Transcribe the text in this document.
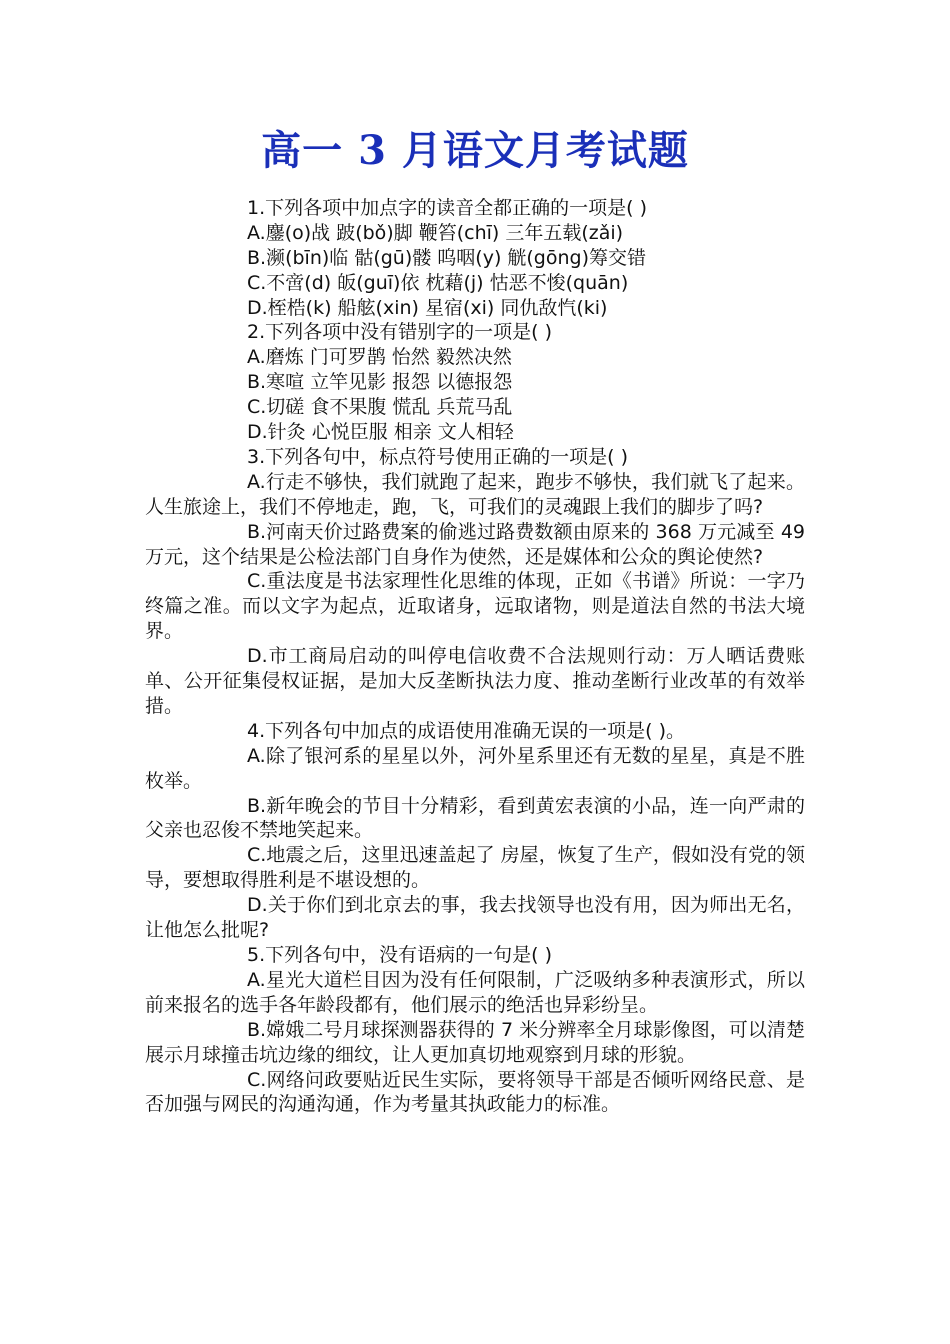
高一 3 月语文月考试题
1.下列各项中加点字的读音全都正确的一项是( )
A.鏖(o)战 跛(bǒ)脚 鞭笞(chī) 三年五载(zǎi)
B.濒(bīn)临 骷(gū)髅 呜咽(y) 觥(gōng)筹交错
C.不啻(d) 皈(guī)依 枕藉(j) 怙恶不悛(quān)
D.桎梏(k) 船舷(xin) 星宿(xi) 同仇敌忾(ki)
2.下列各项中没有错别字的一项是( )
A.磨炼 门可罗鹊 怡然 毅然决然
B.寒喧 立竿见影 报怨 以德报怨
C.切磋 食不果腹 慌乱 兵荒马乱
D.针灸 心悦臣服 相亲 文人相轻
3.下列各句中，标点符号使用正确的一项是( )

A.行走不够快，我们就跑了起来，跑步不够快，我们就飞了起来。人生旅途上，我们不停地走，跑，飞，可我们的灵魂跟上我们的脚步了吗?

B.河南天价过路费案的偷逃过路费数额由原来的 368 万元减至 49 万元，这个结果是公检法部门自身作为使然，还是媒体和公众的舆论使然?

C.重法度是书法家理性化思维的体现，正如《书谱》所说：一字乃终篇之准。而以文字为起点，近取诸身，远取诸物，则是道法自然的书法大境界。

D.市工商局启动的叫停电信收费不合法规则行动：万人晒话费账单、公开征集侵权证据，是加大反垄断执法力度、推动垄断行业改革的有效举措。

4.下列各句中加点的成语使用准确无误的一项是( )。

A.除了银河系的星星以外，河外星系里还有无数的星星，真是不胜枚举。

B.新年晚会的节目十分精彩，看到黄宏表演的小品，连一向严肃的父亲也忍俊不禁地笑起来。

C.地震之后，这里迅速盖起了 房屋，恢复了生产，假如没有党的领导，要想取得胜利是不堪设想的。

D.关于你们到北京去的事，我去找领导也没有用，因为师出无名，让他怎么批呢?

5.下列各句中，没有语病的一句是( )

A.星光大道栏目因为没有任何限制，广泛吸纳多种表演形式，所以前来报名的选手各年龄段都有，他们展示的绝活也异彩纷呈。

B.嫦娥二号月球探测器获得的 7 米分辨率全月球影像图，可以清楚展示月球撞击坑边缘的细纹，让人更加真切地观察到月球的形貌。

C.网络问政要贴近民生实际，要将领导干部是否倾听网络民意、是否加强与网民的沟通沟通，作为考量其执政能力的标准。
